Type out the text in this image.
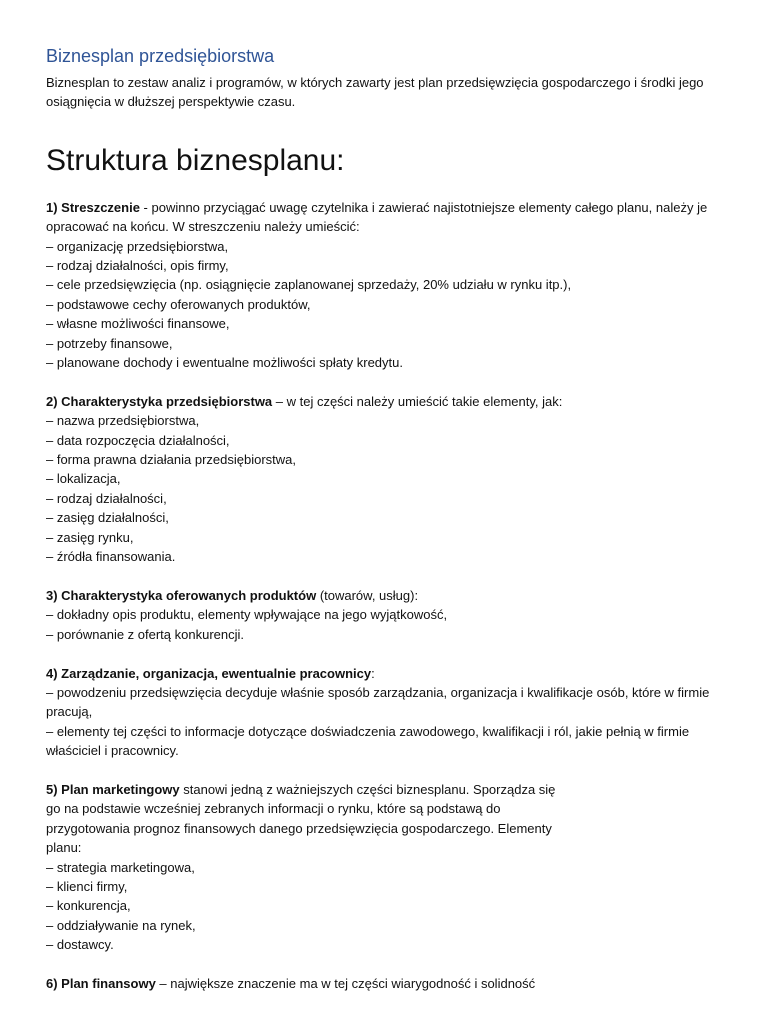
Biznesplan przedsiębiorstwa

Biznesplan to zestaw analiz i programów, w których zawarty jest plan przedsięwzięcia gospodarczego i środki jego osiągnięcia w dłuższej perspektywie czasu.

Struktura biznesplanu:

1) Streszczenie - powinno przyciągać uwagę czytelnika i zawierać najistotniejsze elementy całego planu, należy je opracować na końcu. W streszczeniu należy umieścić:

– organizację przedsiębiorstwa,

– rodzaj działalności, opis firmy,

– cele przedsięwzięcia (np. osiągnięcie zaplanowanej sprzedaży, 20% udziału w rynku itp.),

– podstawowe cechy oferowanych produktów,

– własne możliwości finansowe,

– potrzeby finansowe,

– planowane dochody i ewentualne możliwości spłaty kredytu.

2) Charakterystyka przedsiębiorstwa – w tej części należy umieścić takie elementy, jak:

– nazwa przedsiębiorstwa,

– data rozpoczęcia działalności,

– forma prawna działania przedsiębiorstwa,

– lokalizacja,

– rodzaj działalności,

– zasięg działalności,

– zasięg rynku,

– źródła finansowania.

3) Charakterystyka oferowanych produktów (towarów, usług):

– dokładny opis produktu, elementy wpływające na jego wyjątkowość,

– porównanie z ofertą konkurencji.

4) Zarządzanie, organizacja, ewentualnie pracownicy:

– powodzeniu przedsięwzięcia decyduje właśnie sposób zarządzania, organizacja i kwalifikacje osób, które w firmie pracują,

– elementy tej części to informacje dotyczące doświadczenia zawodowego, kwalifikacji i ról, jakie pełnią w firmie właściciel i pracownicy.

5) Plan marketingowy stanowi jedną z ważniejszych części biznesplanu. Sporządza się go na podstawie wcześniej zebranych informacji o rynku, które są podstawą do przygotowania prognoz finansowych danego przedsięwzięcia gospodarczego. Elementy planu:

– strategia marketingowa,

– klienci firmy,

– konkurencja,

– oddziaływanie na rynek,

– dostawcy.

6) Plan finansowy – największe znaczenie ma w tej części wiarygodność i solidność
